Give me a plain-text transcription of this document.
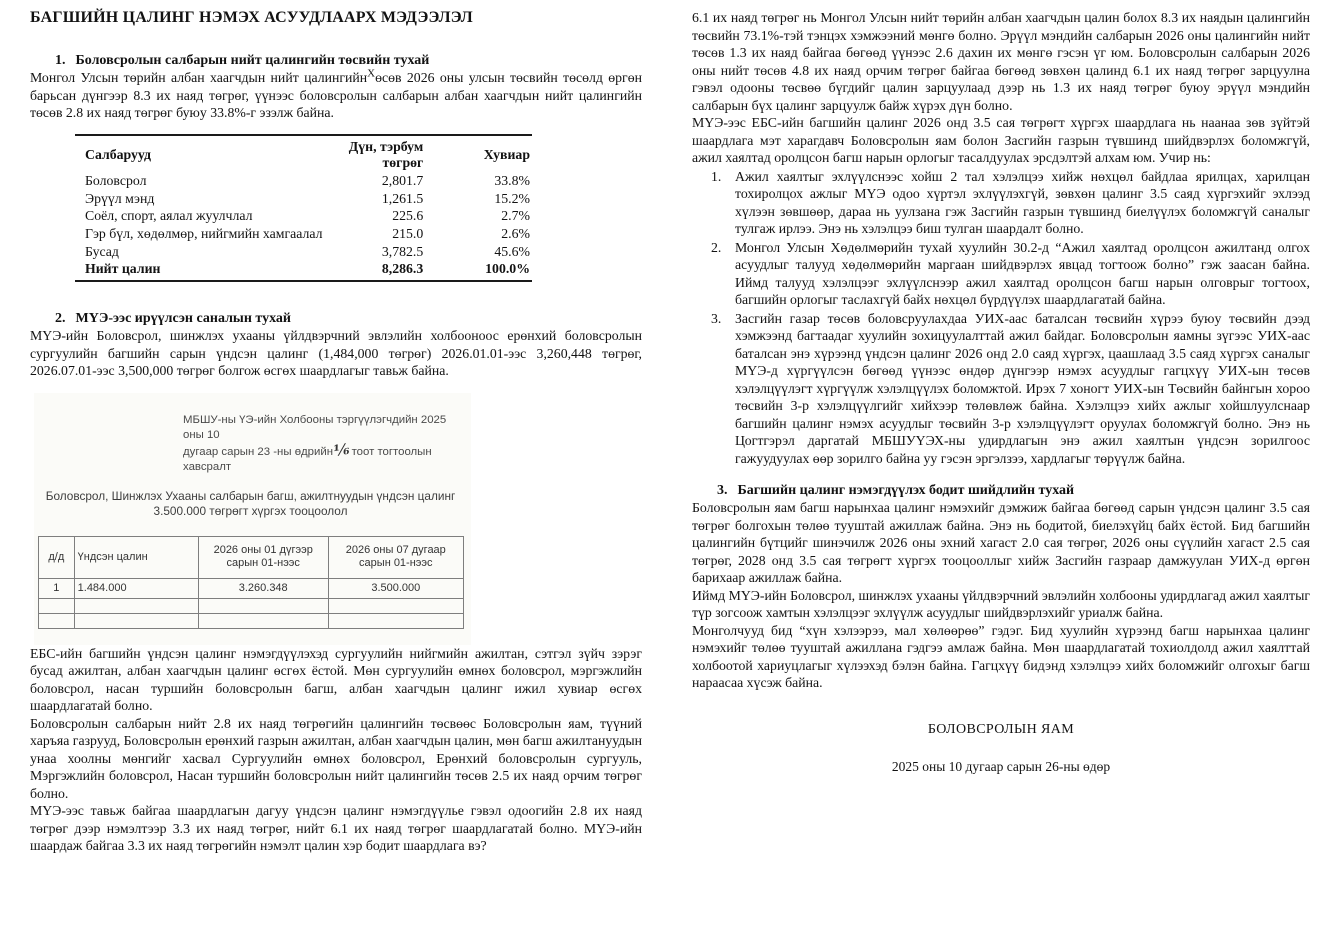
БАГШИЙН ЦАЛИНГ НЭМЭХ АСУУДЛААРХ МЭДЭЭЛЭЛ
1. Боловсролын салбарын нийт цалингийн төсвийн тухай

Монгол Улсын төрийн албан хаагчдын нийт цалингийн$^Х$өсөв 2026 оны улсын төсвийн төсөлд өргөн барьсан дүнгээр 8.3 их наяд төгрөг, үүнээс боловсролын салбарын албан хаагчдын нийт цалингийн төсөв 2.8 их наяд төгрөг буюу 33.8%-г эзэлж байна.

Салбарууд	Дүн, тэрбум төгрөг	Хувиар
Боловсрол	2,801.7	33.8%
Эрүүл мэнд	1,261.5	15.2%
Соёл, спорт, аялал жуулчлал	225.6	2.7%
Гэр бүл, хөдөлмөр, нийгмийн хамгаалал	215.0	2.6%
Бусад	3,782.5	45.6%
Нийт цалин	8,286.3	100.0%
2. МҮЭ-ээс ирүүлсэн саналын тухай

МҮЭ-ийн Боловсрол, шинжлэх ухааны үйлдвэрчний эвлэлийн холбооноос ерөнхий боловсролын сургуулийн багшийн сарын үндсэн цалинг (1,484,000 төгрөг) 2026.01.01-ээс 3,260,448 төгрөг, 2026.07.01-ээс 3,500,000 төгрөг болгож өсгөх шаардлагыг тавьж байна.

МБШУ-ны ҮЭ-ийн Холбооны тэргүүлэгчдийн 2025 оны 10
дугаар сарын 23 -ны өдрийн⅙тоот тогтоолын хавсралт
Боловсрол, Шинжлэх Ухааны салбарын багш, ажилтнуудын үндсэн цалинг 3.500.000 төгрөгт хүргэх тооцоолол
д/д	Үндсэн цалин	2026 оны 01 дүгээр сарын 01-нээс	2026 оны 07 дугаар сарын 01-нээс
1	1.484.000	3.260.348	3.500.000

ЕБС-ийн багшийн үндсэн цалинг нэмэгдүүлэхэд сургуулийн нийгмийн ажилтан, сэтгэл зүйч зэрэг бусад ажилтан, албан хаагчдын цалинг өсгөх ёстой. Мөн сургуулийн өмнөх боловсрол, мэргэжлийн боловсрол, насан туршийн боловсролын багш, албан хаагчдын цалинг ижил хувиар өсгөх шаардлагатай болно.

Боловсролын салбарын нийт 2.8 их наяд төгрөгийн цалингийн төсвөөс Боловсролын яам, түүний харъяа газрууд, Боловсролын ерөнхий газрын ажилтан, албан хаагчдын цалин, мөн багш ажилтануудын унаа хоолны мөнгийг хасвал Сургуулийн өмнөх боловсрол, Ерөнхий боловсролын сургууль, Мэргэжлийн боловсрол, Насан туршийн боловсролын нийт цалингийн төсөв 2.5 их наяд орчим төгрөг болно.

МҮЭ-ээс тавьж байгаа шаардлагын дагуу үндсэн цалинг нэмэгдүүлье гэвэл одоогийн 2.8 их наяд төгрөг дээр нэмэлтээр 3.3 их наяд төгрөг, нийт 6.1 их наяд төгрөг шаардлагатай болно. МҮЭ-ийн шаардаж байгаа 3.3 их наяд төгрөгийн нэмэлт цалин хэр бодит шаардлага вэ?

6.1 их наяд төгрөг нь Монгол Улсын нийт төрийн албан хаагчдын цалин болох 8.3 их наядын цалингийн төсвийн 73.1%-тэй тэнцэх хэмжээний мөнгө болно. Эрүүл мэндийн салбарын 2026 оны цалингийн нийт төсөв 1.3 их наяд байгаа бөгөөд үүнээс 2.6 дахин их мөнгө гэсэн үг юм. Боловсролын салбарын 2026 оны нийт төсөв 4.8 их наяд орчим төгрөг байгаа бөгөөд зөвхөн цалинд 6.1 их наяд төгрөг зарцуулна гэвэл одооны төсвөө бүгдийг цалин зарцуулаад дээр нь 1.3 их наяд төгрөг буюу эрүүл мэндийн салбарын бүх цалинг зарцуулж байж хүрэх дүн болно.

МҮЭ-ээс ЕБС-ийн багшийн цалинг 2026 онд 3.5 сая төгрөгт хүргэх шаардлага нь наанаа зөв зүйтэй шаардлага мэт харагдавч Боловсролын яам болон Засгийн газрын түвшинд шийдвэрлэх боломжгүй, ажил хаялтад оролцсон багш нарын орлогыг тасалдуулах эрсдэлтэй алхам юм. Учир нь:

1. Ажил хаялтыг эхлүүлснээс хойш 2 тал хэлэлцээ хийж нөхцөл байдлаа ярилцах, харилцан тохиролцох ажлыг МҮЭ одоо хүртэл эхлүүлэхгүй, зөвхөн цалинг 3.5 саяд хүргэхийг эхлээд хүлээн зөвшөөр, дараа нь уулзана гэж Засгийн газрын түвшинд биелүүлэх боломжгүй саналыг тулгаж ирлээ. Энэ нь хэлэлцээ биш тулган шаардалт болно.
2. Монгол Улсын Хөдөлмөрийн тухай хуулийн 30.2-д “Ажил хаялтад оролцсон ажилтанд олгох асуудлыг талууд хөдөлмөрийн маргаан шийдвэрлэх явцад тогтоож болно” гэж заасан байна. Иймд талууд хэлэлцээг эхлүүлснээр ажил хаялтад оролцсон багш нарын олговрыг тогтоох, багшийн орлогыг таслахгүй байх нөхцөл бүрдүүлэх шаардлагатай байна.
3. Засгийн газар төсөв боловсруулахдаа УИХ-аас баталсан төсвийн хүрээ буюу төсвийн дээд хэмжээнд багтаадаг хуулийн зохицуулалттай ажил байдаг. Боловсролын яамны зүгээс УИХ-аас баталсан энэ хүрээнд үндсэн цалинг 2026 онд 2.0 саяд хүргэх, цаашлаад 3.5 саяд хүргэх саналыг МҮЭ-д хүргүүлсэн бөгөөд үүнээс өндөр дүнгээр нэмэх асуудлыг гагцхүү УИХ-ын төсөв хэлэлцүүлэгт хүргүүлж хэлэлцүүлэх боломжтой. Ирэх 7 хоногт УИХ-ын Төсвийн байнгын хороо төсвийн 3-р хэлэлцүүлгийг хийхээр төлөвлөж байна. Хэлэлцээ хийх ажлыг хойшлуулснаар багшийн цалинг нэмэх асуудлыг төсвийн 3-р хэлэлцүүлэгт оруулах боломжгүй болно. Энэ нь Цогтгэрэл даргатай МБШУҮЭХ-ны удирдлагын энэ ажил хаялтын үндсэн зорилгоос гажуудуулах өөр зорилго байна уу гэсэн эргэлзээ, хардлагыг төрүүлж байна.
3. Багшийн цалинг нэмэгдүүлэх бодит шийдлийн тухай

Боловсролын яам багш нарынхаа цалинг нэмэхийг дэмжиж байгаа бөгөөд сарын үндсэн цалинг 3.5 сая төгрөг болгохын төлөө тууштай ажиллаж байна. Энэ нь бодитой, биелэхүйц байх ёстой. Бид багшийн цалингийн бүтцийг шинэчилж 2026 оны эхний хагаст 2.0 сая төгрөг, 2026 оны сүүлийн хагаст 2.5 сая төгрөг, 2028 онд 3.5 сая төгрөгт хүргэх тооцооллыг хийж Засгийн газраар дамжуулан УИХ-д өргөн барихаар ажиллаж байна.

Иймд МҮЭ-ийн Боловсрол, шинжлэх ухааны үйлдвэрчний эвлэлийн холбооны удирдлагад ажил хаялтыг түр зогсоож хамтын хэлэлцээг эхлүүлж асуудлыг шийдвэрлэхийг уриалж байна.

Монголчууд бид “хүн хэлээрээ, мал хөлөөрөө” гэдэг. Бид хуулийн хүрээнд багш нарынхаа цалинг нэмэхийг төлөө тууштай ажиллана гэдгээ амлаж байна. Мөн шаардлагатай тохиолдолд ажил хаялттай холбоотой хариуцлагыг хүлээхэд бэлэн байна. Гагцхүү бидэнд хэлэлцээ хийх боломжийг олгохыг багш нараасаа хүсэж байна.

БОЛОВСРОЛЫН ЯАМ
2025 оны 10 дугаар сарын 26-ны өдөр
